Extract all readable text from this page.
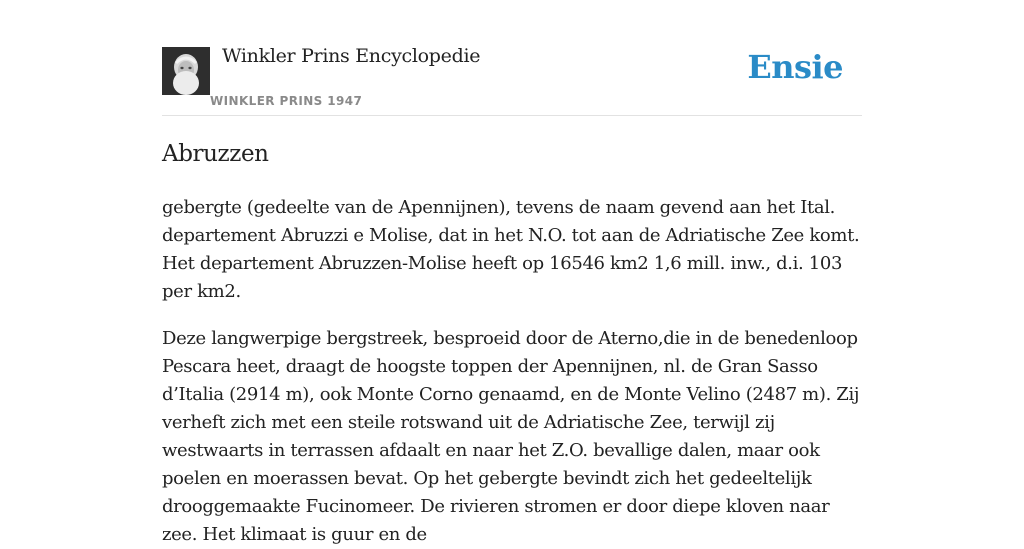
Winkler Prins Encyclopedie
WINKLER PRINS 1947
Ensie
Abruzzen

gebergte (gedeelte van de Apennijnen), tevens de naam gevend aan het Ital. departement Abruzzi e Molise, dat in het N.O. tot aan de Adriatische Zee komt. Het departement Abruzzen-Molise heeft op 16546 km2 1,6 mill. inw., d.i. 103 per km2.

Deze langwerpige bergstreek, besproeid door de Aterno,die in de benedenloop Pescara heet, draagt de hoogste toppen der Apennijnen, nl. de Gran Sasso d’Italia (2914 m), ook Monte Corno genaamd, en de Monte Velino (2487 m). Zij verheft zich met een steile rotswand uit de Adriatische Zee, terwijl zij westwaarts in terrassen afdaalt en naar het Z.O. bevallige dalen, maar ook poelen en moerassen bevat. Op het gebergte bevindt zich het gedeeltelijk drooggemaakte Fucinomeer. De rivieren stromen er door diepe kloven naar zee. Het klimaat is guur en de
